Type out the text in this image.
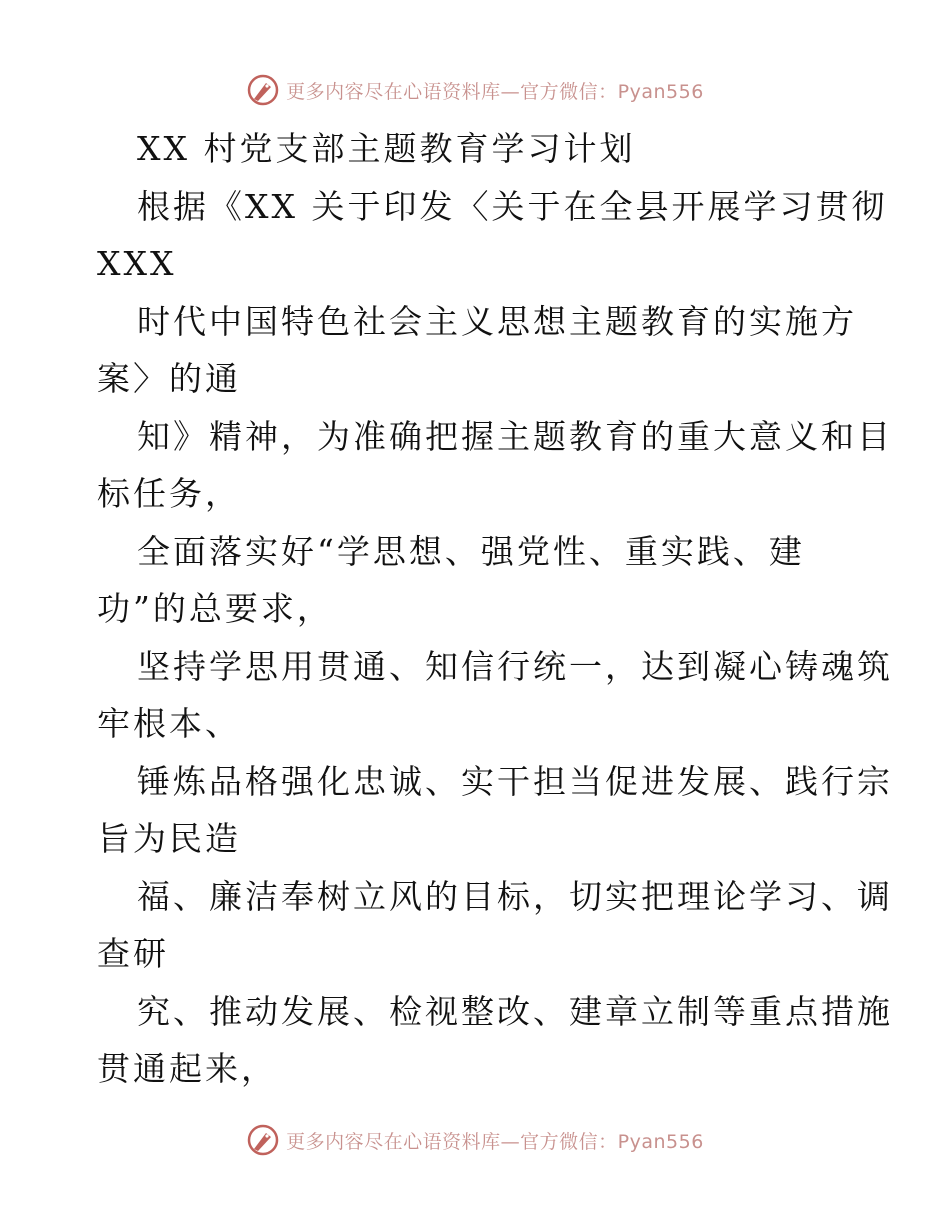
更多内容尽在心语资料库—官方微信：Pyan556
XX 村党支部主题教育学习计划
根据《XX 关于印发〈关于在全县开展学习贯彻
XXX
时代中国特色社会主义思想主题教育的实施方
案〉的通
知》精神，为准确把握主题教育的重大意义和目
标任务，
全面落实好“学思想、强党性、重实践、建
功”的总要求，
坚持学思用贯通、知信行统一，达到凝心铸魂筑
牢根本、
锤炼品格强化忠诚、实干担当促进发展、践行宗
旨为民造
福、廉洁奉树立风的目标，切实把理论学习、调
查研
究、推动发展、检视整改、建章立制等重点措施
贯通起来，
更多内容尽在心语资料库—官方微信：Pyan556
